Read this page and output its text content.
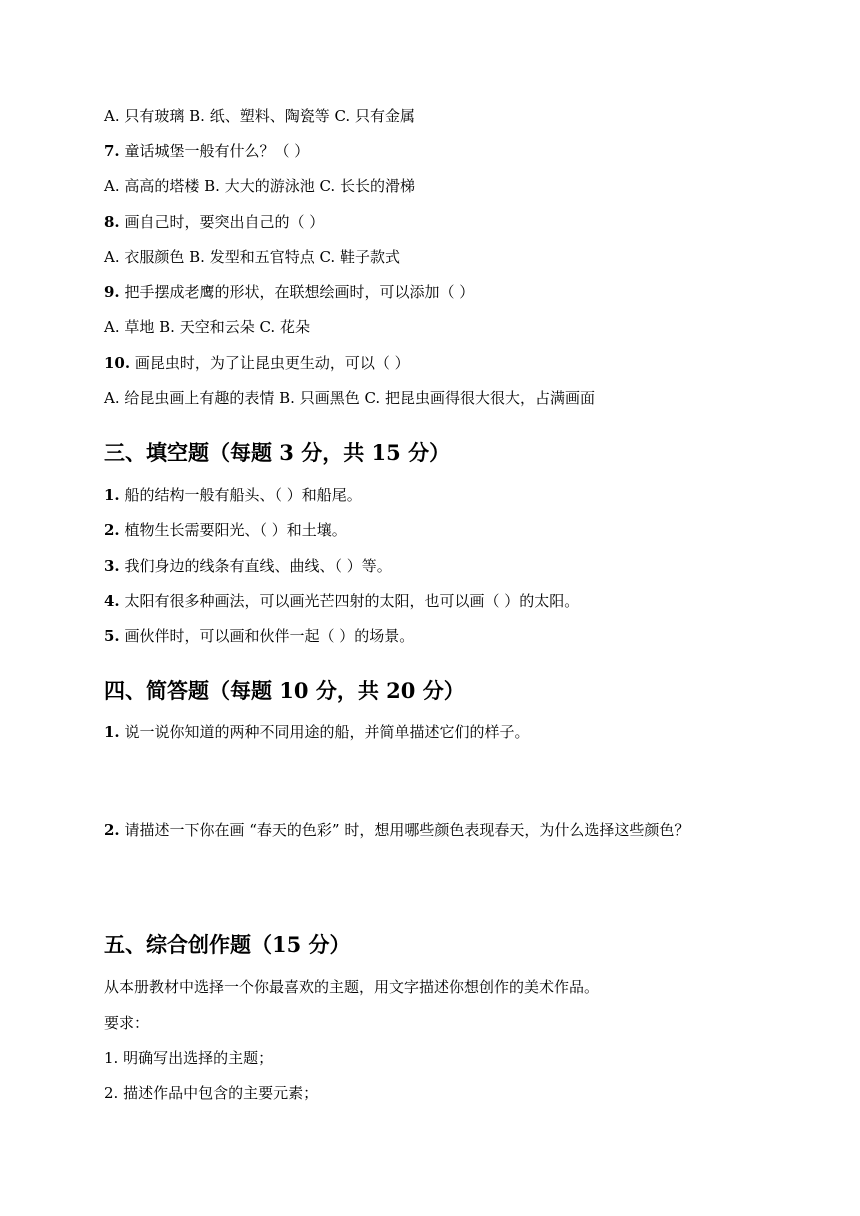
A. 只有玻璃 B. 纸、塑料、陶瓷等 C. 只有金属
7. 童话城堡一般有什么？（ ）
A. 高高的塔楼 B. 大大的游泳池 C. 长长的滑梯
8. 画自己时，要突出自己的（ ）
A. 衣服颜色 B. 发型和五官特点 C. 鞋子款式
9. 把手摆成老鹰的形状，在联想绘画时，可以添加（ ）
A. 草地 B. 天空和云朵 C. 花朵
10. 画昆虫时，为了让昆虫更生动，可以（ ）
A. 给昆虫画上有趣的表情 B. 只画黑色 C. 把昆虫画得很大很大，占满画面
三、填空题（每题 3 分，共 15 分）
1. 船的结构一般有船头、（ ）和船尾。
2. 植物生长需要阳光、（ ）和土壤。
3. 我们身边的线条有直线、曲线、（ ）等。
4. 太阳有很多种画法，可以画光芒四射的太阳，也可以画（ ）的太阳。
5. 画伙伴时，可以画和伙伴一起（ ）的场景。
四、简答题（每题 10 分，共 20 分）
1. 说一说你知道的两种不同用途的船，并简单描述它们的样子。
2. 请描述一下你在画 “春天的色彩” 时，想用哪些颜色表现春天，为什么选择这些颜色？
五、综合创作题（15 分）
从本册教材中选择一个你最喜欢的主题，用文字描述你想创作的美术作品。
要求：
1. 明确写出选择的主题；
2. 描述作品中包含的主要元素；
